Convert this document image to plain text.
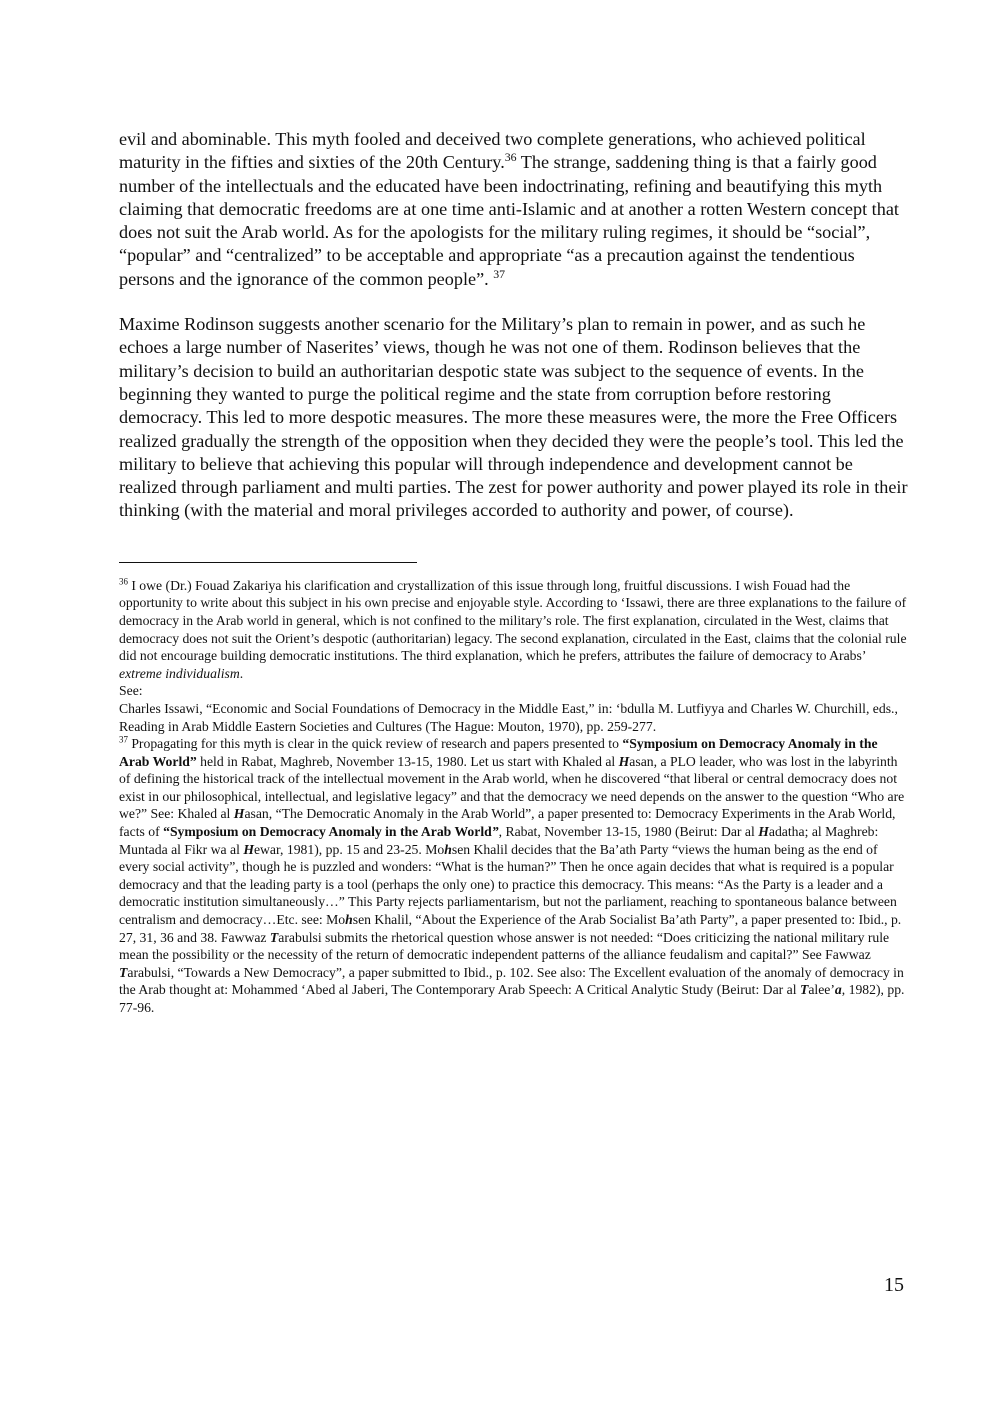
evil and abominable. This myth fooled and deceived two complete generations, who achieved political maturity in the fifties and sixties of the 20th Century.$^{36}$ The strange, saddening thing is that a fairly good number of the intellectuals and the educated have been indoctrinating, refining and beautifying this myth claiming that democratic freedoms are at one time anti-Islamic and at another a rotten Western concept that does not suit the Arab world. As for the apologists for the military ruling regimes, it should be “social”, “popular” and “centralized” to be acceptable and appropriate “as a precaution against the tendentious persons and the ignorance of the common people”. $^{37}$

Maxime Rodinson suggests another scenario for the Military’s plan to remain in power, and as such he echoes a large number of Naserites’ views, though he was not one of them. Rodinson believes that the military’s decision to build an authoritarian despotic state was subject to the sequence of events. In the beginning they wanted to purge the political regime and the state from corruption before restoring democracy. This led to more despotic measures. The more these measures were, the more the Free Officers realized gradually the strength of the opposition when they decided they were the people’s tool. This led the military to believe that achieving this popular will through independence and development cannot be realized through parliament and multi parties. The zest for power authority and power played its role in their thinking (with the material and moral privileges accorded to authority and power, of course).

$^{36}$ I owe (Dr.) Fouad Zakariya his clarification and crystallization of this issue through long, fruitful discussions. I wish Fouad had the opportunity to write about this subject in his own precise and enjoyable style. According to ‘Issawi, there are three explanations to the failure of democracy in the Arab world in general, which is not confined to the military’s role. The first explanation, circulated in the West, claims that democracy does not suit the Orient’s despotic (authoritarian) legacy. The second explanation, circulated in the East, claims that the colonial rule did not encourage building democratic institutions. The third explanation, which he prefers, attributes the failure of democracy to Arabs’ extreme individualism.

See:

Charles Issawi, “Economic and Social Foundations of Democracy in the Middle East,” in: ‘bdulla M. Lutfiyya and Charles W. Churchill, eds., Reading in Arab Middle Eastern Societies and Cultures (The Hague: Mouton, 1970), pp. 259-277.

$^{37}$ Propagating for this myth is clear in the quick review of research and papers presented to “Symposium on Democracy Anomaly in the Arab World” held in Rabat, Maghreb, November 13-15, 1980. Let us start with Khaled al Hasan, a PLO leader, who was lost in the labyrinth of defining the historical track of the intellectual movement in the Arab world, when he discovered “that liberal or central democracy does not exist in our philosophical, intellectual, and legislative legacy” and that the democracy we need depends on the answer to the question “Who are we?” See: Khaled al Hasan, “The Democratic Anomaly in the Arab World”, a paper presented to: Democracy Experiments in the Arab World, facts of “Symposium on Democracy Anomaly in the Arab World”, Rabat, November 13-15, 1980 (Beirut: Dar al Hadatha; al Maghreb: Muntada al Fikr wa al Hewar, 1981), pp. 15 and 23-25. Mohsen Khalil decides that the Ba’ath Party “views the human being as the end of every social activity”, though he is puzzled and wonders: “What is the human?” Then he once again decides that what is required is a popular democracy and that the leading party is a tool (perhaps the only one) to practice this democracy. This means: “As the Party is a leader and a democratic institution simultaneously…” This Party rejects parliamentarism, but not the parliament, reaching to spontaneous balance between centralism and democracy…Etc. see: Mohsen Khalil, “About the Experience of the Arab Socialist Ba’ath Party”, a paper presented to: Ibid., p. 27, 31, 36 and 38. Fawwaz Tarabulsi submits the rhetorical question whose answer is not needed: “Does criticizing the national military rule mean the possibility or the necessity of the return of democratic independent patterns of the alliance feudalism and capital?” See Fawwaz Tarabulsi, “Towards a New Democracy”, a paper submitted to Ibid., p. 102. See also: The Excellent evaluation of the anomaly of democracy in the Arab thought at: Mohammed ‘Abed al Jaberi, The Contemporary Arab Speech: A Critical Analytic Study (Beirut: Dar al Talee’a, 1982), pp. 77-96.

15
